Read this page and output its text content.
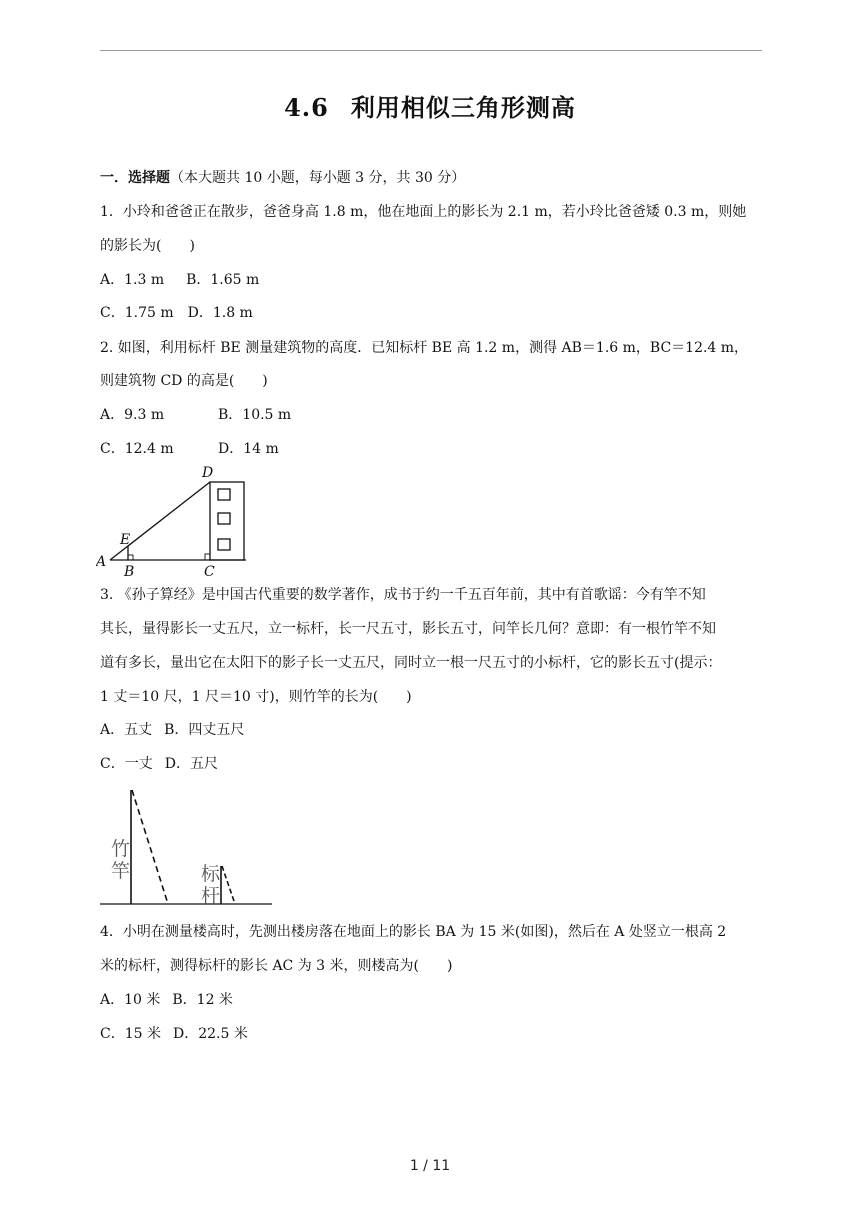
4.6 利用相似三角形测高
一．选择题（本大题共 10 小题，每小题 3 分，共 30 分）
1．小玲和爸爸正在散步，爸爸身高 1.8 m，他在地面上的影长为 2.1 m，若小玲比爸爸矮 0.3 m，则她
的影长为(　　)
A．1.3 m B．1.65 m
C．1.75 m D．1.8 m
2. 如图，利用标杆 BE 测量建筑物的高度．已知标杆 BE 高 1.2 m，测得 AB＝1.6 m，BC＝12.4 m，
则建筑物 CD 的高是(　　)
A．9.3 m	B．10.5 m
C．12.4 m	D．14 m
A
B	C
D
E
3. 《孙子算经》是中国古代重要的数学著作，成书于约一千五百年前，其中有首歌谣：今有竿不知
其长，量得影长一丈五尺，立一标杆，长一尺五寸，影长五寸，问竿长几何？意即：有一根竹竿不知
道有多长，量出它在太阳下的影子长一丈五尺，同时立一根一尺五寸的小标杆，它的影长五寸(提示：
1 丈＝10 尺，1 尺＝10 寸)，则竹竿的长为(　　)
A．五丈 B．四丈五尺
C．一丈 D．五尺
竹
竿	标
杆
4．小明在测量楼高时，先测出楼房落在地面上的影长 BA 为 15 米(如图)，然后在 A 处竖立一根高 2
米的标杆，测得标杆的影长 AC 为 3 米，则楼高为(　　)
A．10 米 B．12 米
C．15 米 D．22.5 米
1 / 11
